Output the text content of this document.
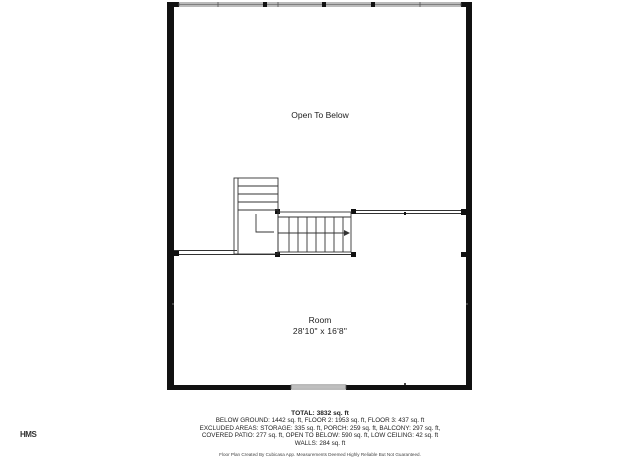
Open To Below
Room
28'10" x 16'8"
TOTAL: 3832 sq. ft
BELOW GROUND: 1442 sq. ft, FLOOR 2: 1953 sq. ft, FLOOR 3: 437 sq. ft
EXCLUDED AREAS: STORAGE: 335 sq. ft, PORCH: 259 sq. ft, BALCONY: 297 sq. ft,
COVERED PATIO: 277 sq. ft, OPEN TO BELOW: 590 sq. ft, LOW CEILING: 42 sq. ft
WALLS: 284 sq. ft
HMS
Floor Plan Created By Cubicasa App. Measurements Deemed Highly Reliable But Not Guaranteed.
